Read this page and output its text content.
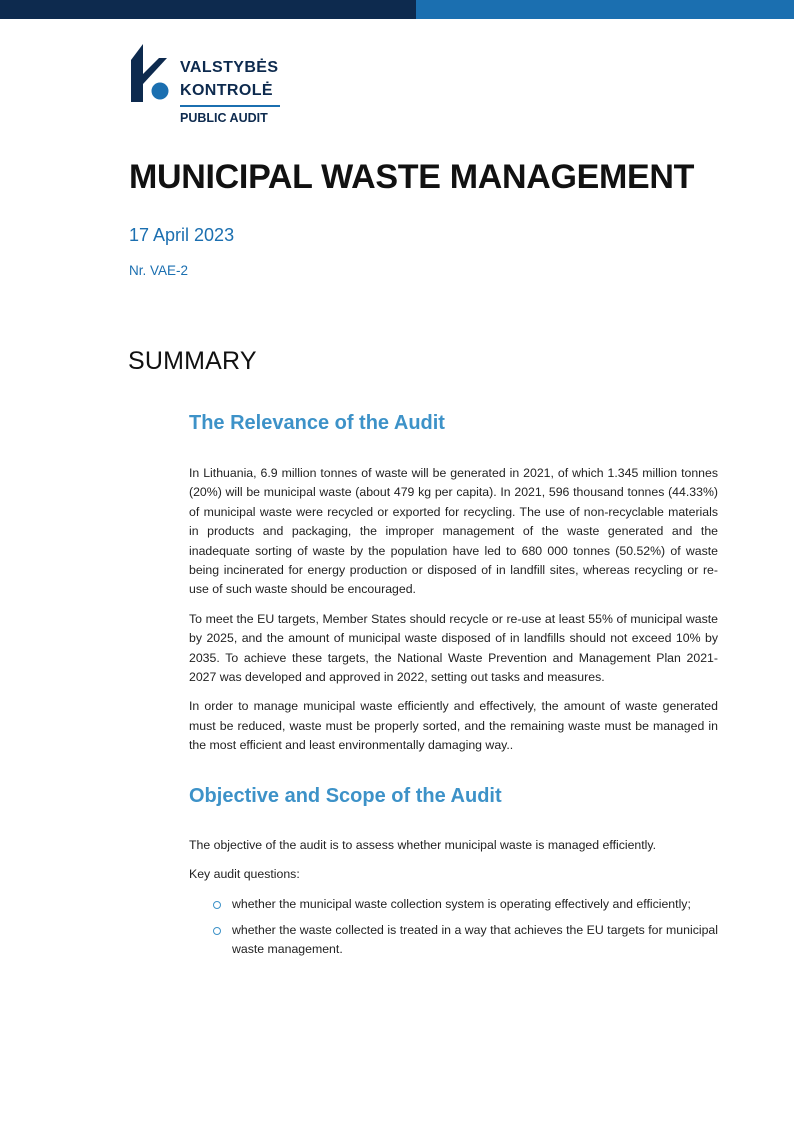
VALSTYBĖS
KONTROLĖ
PUBLIC AUDIT
MUNICIPAL WASTE MANAGEMENT
17 April 2023
Nr. VAE-2
SUMMARY
The Relevance of the Audit

In Lithuania, 6.9 million tonnes of waste will be generated in 2021, of which 1.345 million tonnes (20%) will be municipal waste (about 479 kg per capita). In 2021, 596 thousand tonnes (44.33%) of municipal waste were recycled or exported for recycling. The use of non-recyclable materials in products and packaging, the improper management of the waste generated and the inadequate sorting of waste by the population have led to 680 000 tonnes (50.52%) of waste being incinerated for energy production or disposed of in landfill sites, whereas recycling or re-use of such waste should be encouraged.

To meet the EU targets, Member States should recycle or re-use at least 55% of municipal waste by 2025, and the amount of municipal waste disposed of in landfills should not exceed 10% by 2035. To achieve these targets, the National Waste Prevention and Management Plan 2021-2027 was developed and approved in 2022, setting out tasks and measures.

In order to manage municipal waste efficiently and effectively, the amount of waste generated must be reduced, waste must be properly sorted, and the remaining waste must be managed in the most efficient and least environmentally damaging way..

Objective and Scope of the Audit

The objective of the audit is to assess whether municipal waste is managed efficiently.

Key audit questions:

whether the municipal waste collection system is operating effectively and efficiently;
whether the waste collected is treated in a way that achieves the EU targets for municipal waste management.
